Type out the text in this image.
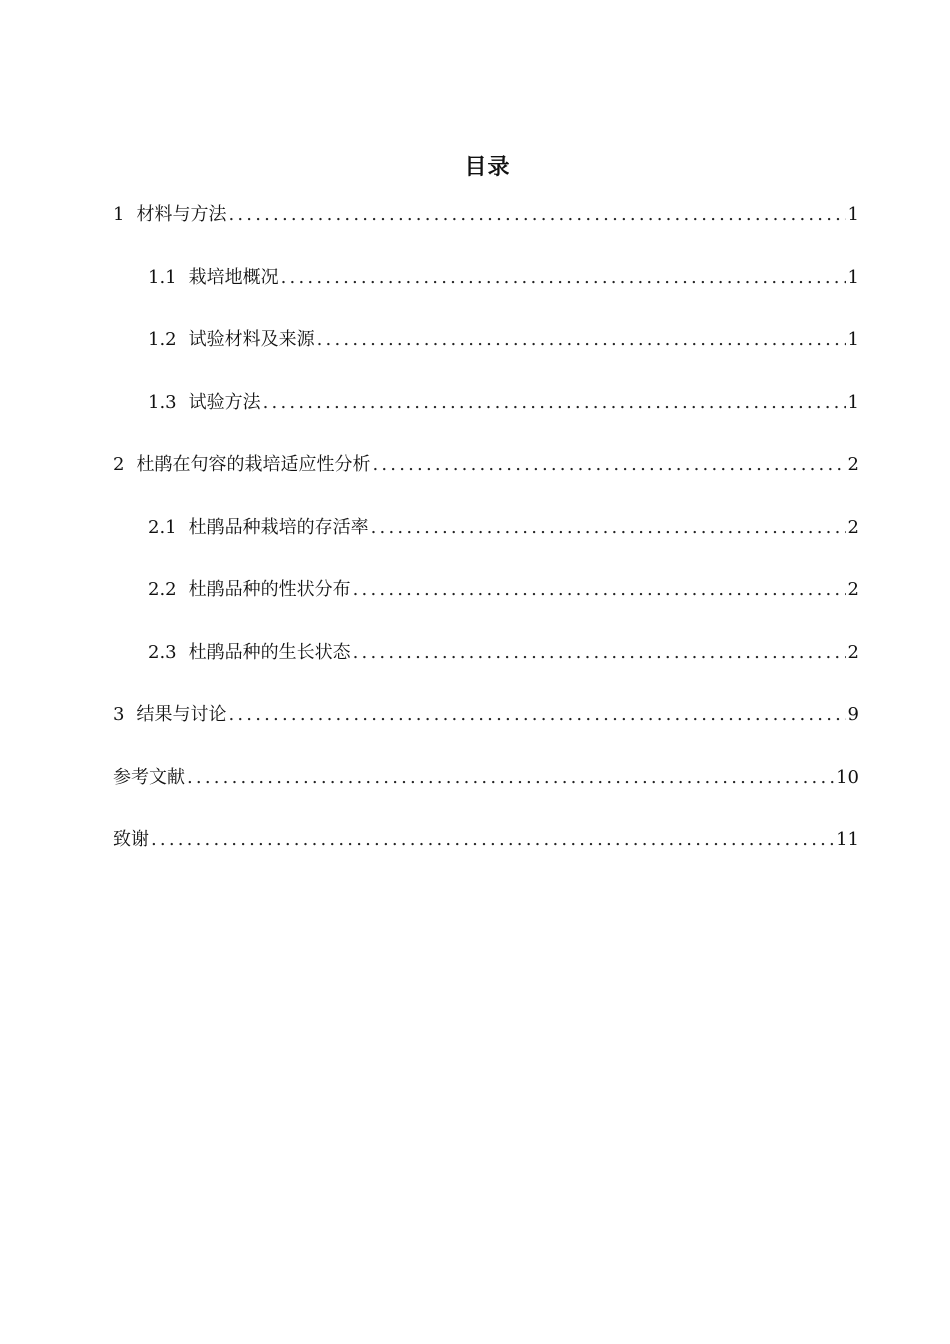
目录
1 材料与方法 .....	1
1.1 栽培地概况 .....	1
1.2 试验材料及来源 .....	1
1.3 试验方法 .....	1
2 杜鹃在句容的栽培适应性分析 .....	2
2.1 杜鹃品种栽培的存活率 .....	2
2.2 杜鹃品种的性状分布 .....	2
2.3 杜鹃品种的生长状态 .....	2
3 结果与讨论 .....	9
参考文献 .....	10
致谢 .....	11
